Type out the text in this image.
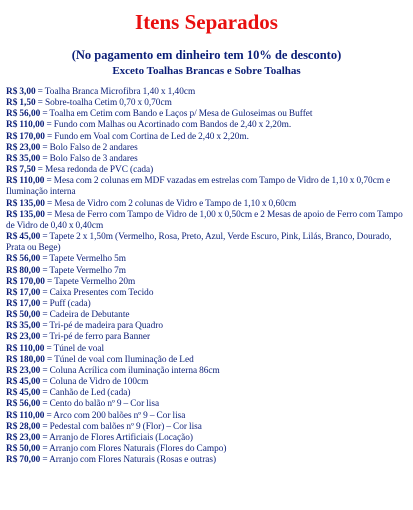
Itens Separados
(No pagamento em dinheiro tem 10% de desconto)
Exceto Toalhas Brancas e Sobre Toalhas
R$ 3,00 = Toalha Branca Microfibra 1,40 x 1,40cm
R$ 1,50 = Sobre-toalha Cetim 0,70 x 0,70cm
R$ 56,00 = Toalha em Cetim com Bando e Laços p/ Mesa de Guloseimas ou Buffet
R$ 110,00 = Fundo com Malhas ou Acortinado com Bandos de 2,40 x 2,20m.
R$ 170,00 = Fundo em Voal com Cortina de Led de 2,40 x 2,20m.
R$ 23,00 = Bolo Falso de 2 andares
R$ 35,00 = Bolo Falso de 3 andares
R$ 7,50 = Mesa redonda de PVC (cada)
R$ 110,00 = Mesa com 2 colunas em MDF vazadas em estrelas com Tampo de Vidro de 1,10 x 0,70cm e Iluminação interna
R$ 135,00 = Mesa de Vidro com 2 colunas de Vidro e Tampo de 1,10 x 0,60cm
R$ 135,00 = Mesa de Ferro com Tampo de Vidro de 1,00 x 0,50cm e 2 Mesas de apoio de Ferro com Tampo de Vidro de 0,40 x 0,40cm
R$ 45,00 = Tapete 2 x 1,50m (Vermelho, Rosa, Preto, Azul, Verde Escuro, Pink, Lilás, Branco, Dourado, Prata ou Bege)
R$ 56,00 = Tapete Vermelho 5m
R$ 80,00 = Tapete Vermelho 7m
R$ 170,00 = Tapete Vermelho 20m
R$ 17,00 = Caixa Presentes com Tecido
R$ 17,00 = Puff (cada)
R$ 50,00 = Cadeira de Debutante
R$ 35,00 = Tri-pé de madeira para Quadro
R$ 23,00 = Tri-pé de ferro para Banner
R$ 110,00 = Túnel de voal
R$ 180,00 = Túnel de voal com Iluminação de Led
R$ 23,00 = Coluna Acrílica com iluminação interna 86cm
R$ 45,00 = Coluna de Vidro de 100cm
R$ 45,00 = Canhão de Led (cada)
R$ 56,00 = Cento do balão nº 9 – Cor lisa
R$ 110,00 = Arco com 200 balões nº 9 – Cor lisa
R$ 28,00 = Pedestal com balões nº 9 (Flor) – Cor lisa
R$ 23,00 = Arranjo de Flores Artificiais (Locação)
R$ 50,00 = Arranjo com Flores Naturais (Flores do Campo)
R$ 70,00 = Arranjo com Flores Naturais (Rosas e outras)
